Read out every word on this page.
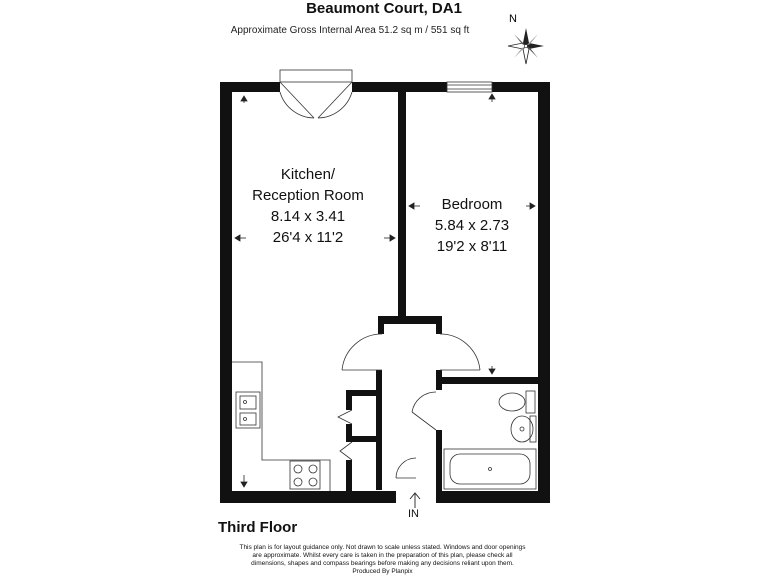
Beaumont Court, DA1
Approximate Gross Internal Area 51.2 sq m / 551 sq ft
N
Kitchen/
Reception Room
8.14 x 3.41
26'4 x 11'2
Bedroom
5.84 x 2.73
19'2 x 8'11
IN
Third Floor
This plan is for layout guidance only. Not drawn to scale unless stated. Windows and door openings
are approximate. Whilst every care is taken in the preparation of this plan, please check all
dimensions, shapes and compass bearings before making any decisions reliant upon them.
Produced By Planpix
